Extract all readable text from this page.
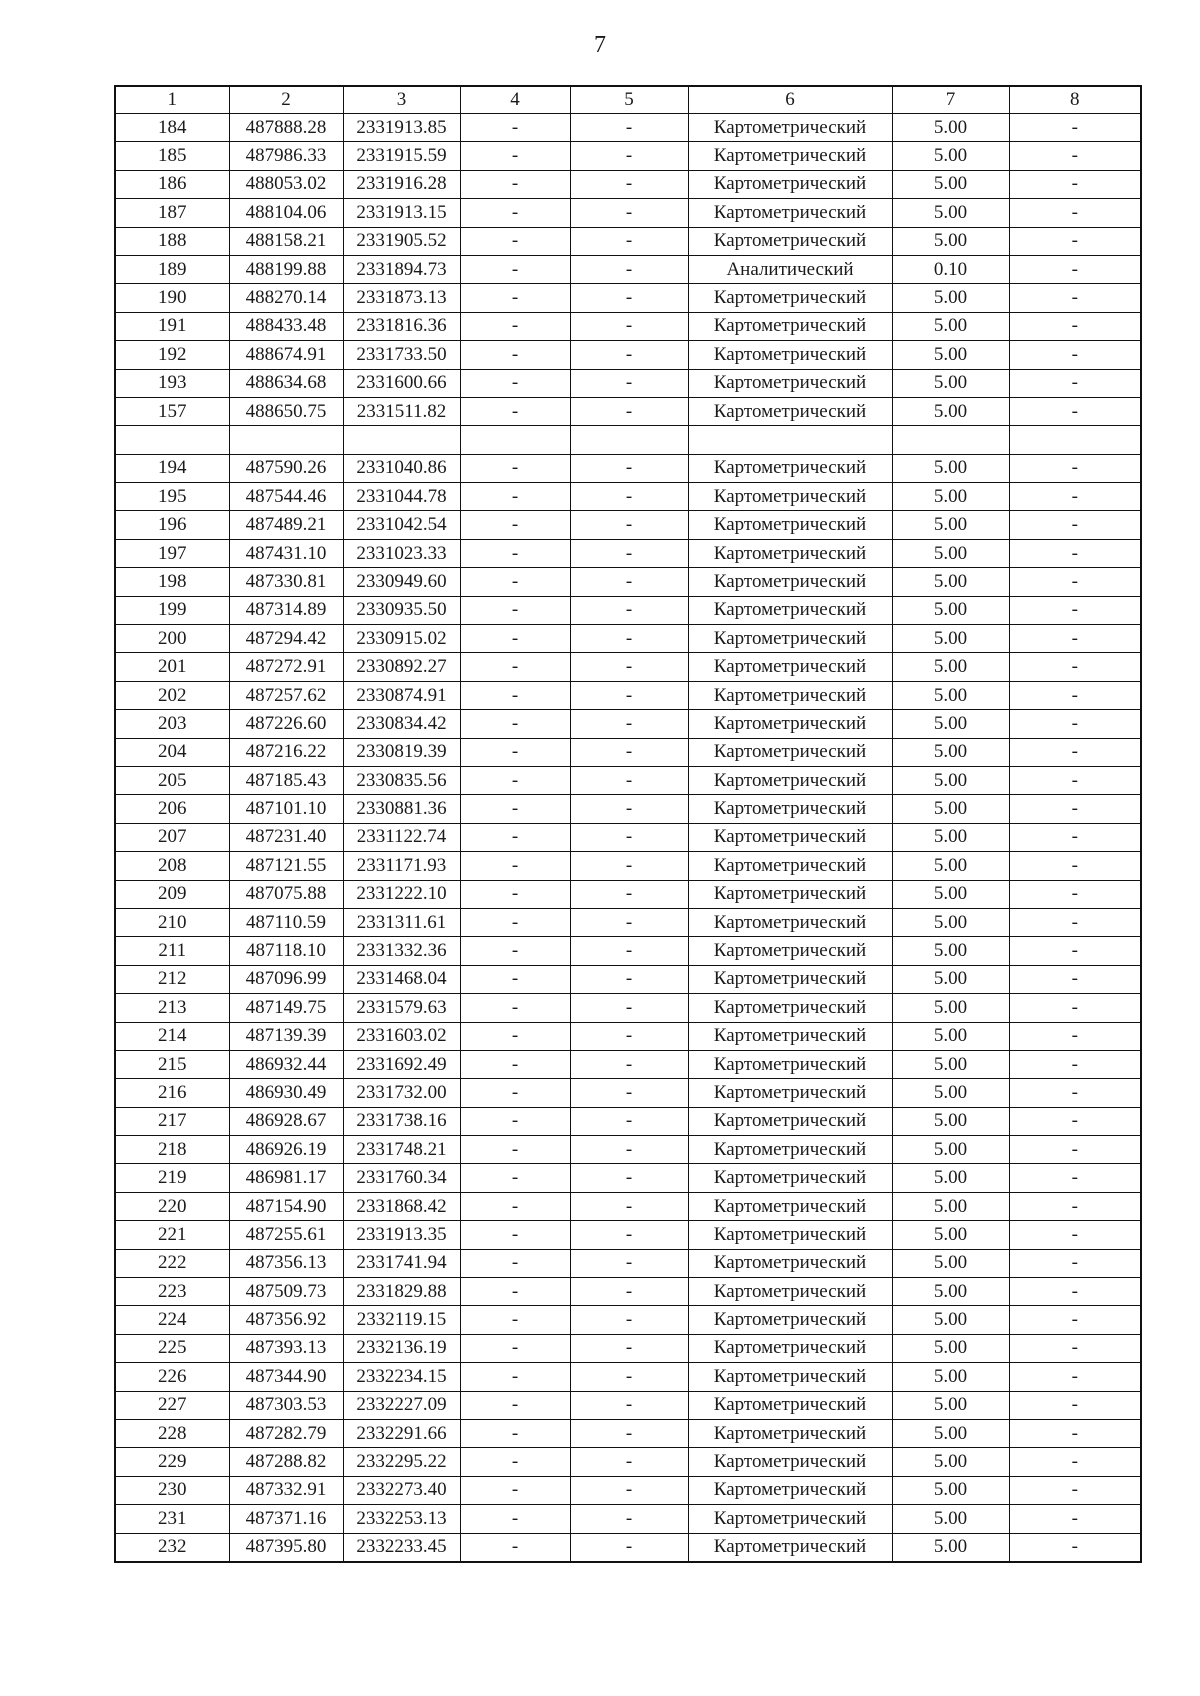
7
1	2	3	4	5	6	7	8
184	487888.28	2331913.85	-	-	Картометрический	5.00	-
185	487986.33	2331915.59	-	-	Картометрический	5.00	-
186	488053.02	2331916.28	-	-	Картометрический	5.00	-
187	488104.06	2331913.15	-	-	Картометрический	5.00	-
188	488158.21	2331905.52	-	-	Картометрический	5.00	-
189	488199.88	2331894.73	-	-	Аналитический	0.10	-
190	488270.14	2331873.13	-	-	Картометрический	5.00	-
191	488433.48	2331816.36	-	-	Картометрический	5.00	-
192	488674.91	2331733.50	-	-	Картометрический	5.00	-
193	488634.68	2331600.66	-	-	Картометрический	5.00	-
157	488650.75	2331511.82	-	-	Картометрический	5.00	-

194	487590.26	2331040.86	-	-	Картометрический	5.00	-
195	487544.46	2331044.78	-	-	Картометрический	5.00	-
196	487489.21	2331042.54	-	-	Картометрический	5.00	-
197	487431.10	2331023.33	-	-	Картометрический	5.00	-
198	487330.81	2330949.60	-	-	Картометрический	5.00	-
199	487314.89	2330935.50	-	-	Картометрический	5.00	-
200	487294.42	2330915.02	-	-	Картометрический	5.00	-
201	487272.91	2330892.27	-	-	Картометрический	5.00	-
202	487257.62	2330874.91	-	-	Картометрический	5.00	-
203	487226.60	2330834.42	-	-	Картометрический	5.00	-
204	487216.22	2330819.39	-	-	Картометрический	5.00	-
205	487185.43	2330835.56	-	-	Картометрический	5.00	-
206	487101.10	2330881.36	-	-	Картометрический	5.00	-
207	487231.40	2331122.74	-	-	Картометрический	5.00	-
208	487121.55	2331171.93	-	-	Картометрический	5.00	-
209	487075.88	2331222.10	-	-	Картометрический	5.00	-
210	487110.59	2331311.61	-	-	Картометрический	5.00	-
211	487118.10	2331332.36	-	-	Картометрический	5.00	-
212	487096.99	2331468.04	-	-	Картометрический	5.00	-
213	487149.75	2331579.63	-	-	Картометрический	5.00	-
214	487139.39	2331603.02	-	-	Картометрический	5.00	-
215	486932.44	2331692.49	-	-	Картометрический	5.00	-
216	486930.49	2331732.00	-	-	Картометрический	5.00	-
217	486928.67	2331738.16	-	-	Картометрический	5.00	-
218	486926.19	2331748.21	-	-	Картометрический	5.00	-
219	486981.17	2331760.34	-	-	Картометрический	5.00	-
220	487154.90	2331868.42	-	-	Картометрический	5.00	-
221	487255.61	2331913.35	-	-	Картометрический	5.00	-
222	487356.13	2331741.94	-	-	Картометрический	5.00	-
223	487509.73	2331829.88	-	-	Картометрический	5.00	-
224	487356.92	2332119.15	-	-	Картометрический	5.00	-
225	487393.13	2332136.19	-	-	Картометрический	5.00	-
226	487344.90	2332234.15	-	-	Картометрический	5.00	-
227	487303.53	2332227.09	-	-	Картометрический	5.00	-
228	487282.79	2332291.66	-	-	Картометрический	5.00	-
229	487288.82	2332295.22	-	-	Картометрический	5.00	-
230	487332.91	2332273.40	-	-	Картометрический	5.00	-
231	487371.16	2332253.13	-	-	Картометрический	5.00	-
232	487395.80	2332233.45	-	-	Картометрический	5.00	-
